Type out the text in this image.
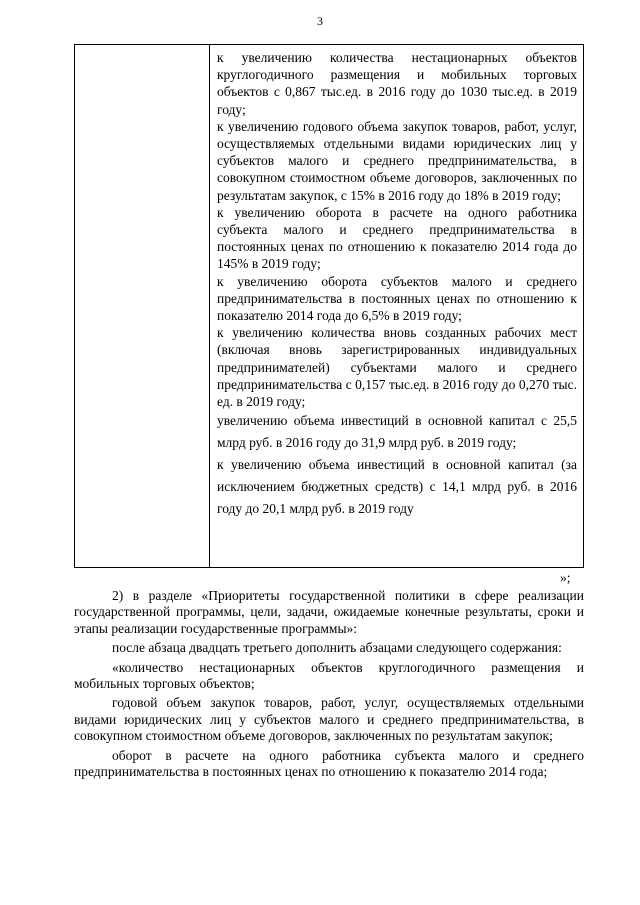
3

к увеличению количества нестационарных объектов круглогодичного размещения и мобильных торговых объектов с 0,867 тыс.ед. в 2016 году до 1030 тыс.ед. в 2019 году;

к увеличению годового объема закупок товаров, работ, услуг, осуществляемых отдельными видами юридических лиц у субъектов малого и среднего предпринимательства, в совокупном стоимостном объеме договоров, заключенных по результатам закупок, с 15% в 2016 году до 18% в 2019 году;

к увеличению оборота в расчете на одного работника субъекта малого и среднего предпринимательства в постоянных ценах по отношению к показателю 2014 года до 145% в 2019 году;

к увеличению оборота субъектов малого и среднего предпринимательства в постоянных ценах по отношению к показателю 2014 года до 6,5% в 2019 году;

к увеличению количества вновь созданных рабочих мест (включая вновь зарегистрированных индивидуальных предпринимателей) субъектами малого и среднего предпринимательства с 0,157 тыс.ед. в 2016 году до 0,270 тыс. ед. в 2019 году;

увеличению объема инвестиций в основной капитал с 25,5 млрд руб. в 2016 году до 31,9 млрд руб. в 2019 году;

к увеличению объема инвестиций в основной капитал (за исключением бюджетных средств) с 14,1 млрд руб. в 2016 году до 20,1 млрд руб. в 2019 году

»;

2) в разделе «Приоритеты государственной политики в сфере реализации государственной программы, цели, задачи, ожидаемые конечные результаты, сроки и этапы реализации государственные программы»:

после абзаца двадцать третьего дополнить абзацами следующего содержания:

«количество нестационарных объектов круглогодичного размещения и мобильных торговых объектов;

годовой объем закупок товаров, работ, услуг, осуществляемых отдельными видами юридических лиц у субъектов малого и среднего предпринимательства, в совокупном стоимостном объеме договоров, заключенных по результатам закупок;

оборот в расчете на одного работника субъекта малого и среднего предпринимательства в постоянных ценах по отношению к показателю 2014 года;
